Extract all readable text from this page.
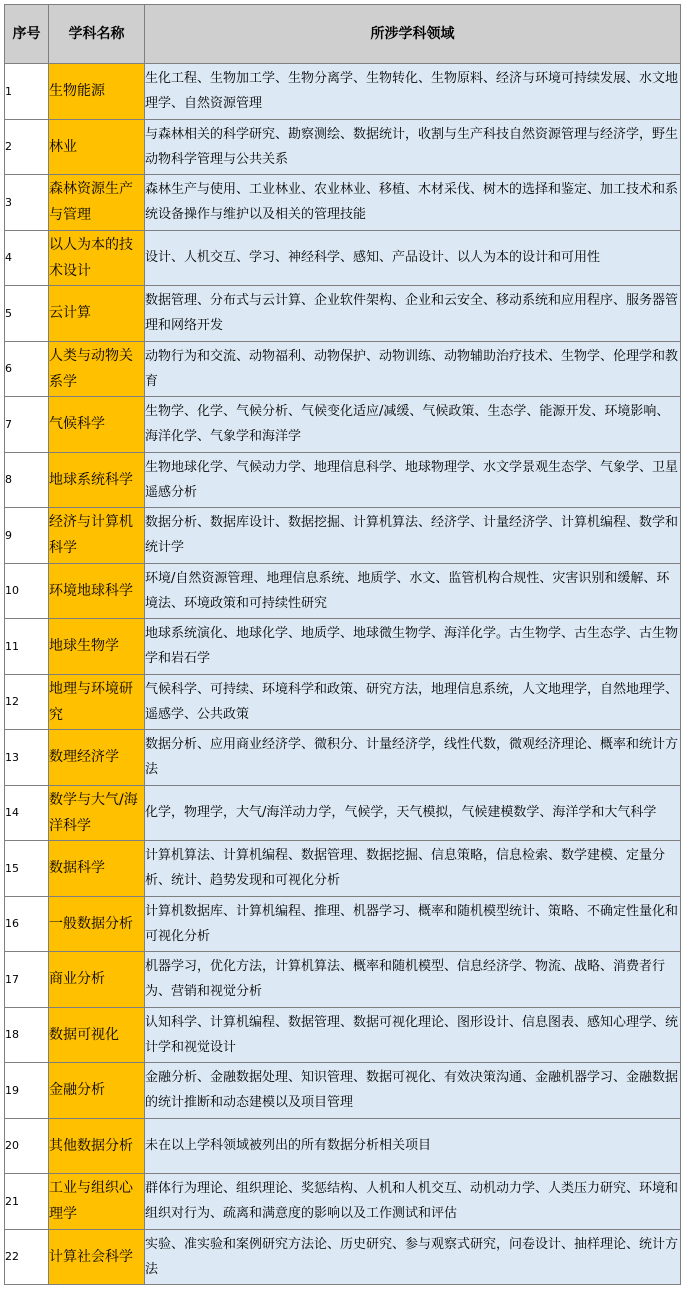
序号	学科名称	所涉学科领域
1	生物能源	生化工程、生物加工学、生物分离学、生物转化、生物原料、经济与环境可持续发展、水文地理学、自然资源管理
2	林业	与森林相关的科学研究、勘察测绘、数据统计，收割与生产科技自然资源管理与经济学，野生动物科学管理与公共关系
3	森林资源生产与管理	森林生产与使用、工业林业、农业林业、移植、木材采伐、树木的选择和鉴定、加工技术和系统设备操作与维护以及相关的管理技能
4	以人为本的技术设计	设计、人机交互、学习、神经科学、感知、产品设计、以人为本的设计和可用性
5	云计算	数据管理、分布式与云计算、企业软件架构、企业和云安全、移动系统和应用程序、服务器管理和网络开发
6	人类与动物关系学	动物行为和交流、动物福利、动物保护、动物训练、动物辅助治疗技术、生物学、伦理学和教育
7	气候科学	生物学、化学、气候分析、气候变化适应/减缓、气候政策、生态学、能源开发、环境影响、海洋化学、气象学和海洋学
8	地球系统科学	生物地球化学、气候动力学、地理信息科学、地球物理学、水文学景观生态学、气象学、卫星遥感分析
9	经济与计算机科学	数据分析、数据库设计、数据挖掘、计算机算法、经济学、计量经济学、计算机编程、数学和统计学
10	环境地球科学	环境/自然资源管理、地理信息系统、地质学、水文、监管机构合规性、灾害识别和缓解、环境法、环境政策和可持续性研究
11	地球生物学	地球系统演化、地球化学、地质学、地球微生物学、海洋化学。古生物学、古生态学、古生物学和岩石学
12	地理与环境研究	气候科学、可持续、环境科学和政策、研究方法，地理信息系统，人文地理学，自然地理学、遥感学、公共政策
13	数理经济学	数据分析、应用商业经济学、微积分、计量经济学，线性代数，微观经济理论、概率和统计方法
14	数学与大气/海洋科学	化学，物理学，大气/海洋动力学，气候学，天气模拟，气候建模数学、海洋学和大气科学
15	数据科学	计算机算法、计算机编程、数据管理、数据挖掘、信息策略，信息检索、数学建模、定量分析、统计、趋势发现和可视化分析
16	一般数据分析	计算机数据库、计算机编程、推理、机器学习、概率和随机模型统计、策略、不确定性量化和可视化分析
17	商业分析	机器学习，优化方法，计算机算法、概率和随机模型、信息经济学、物流、战略、消费者行为、营销和视觉分析
18	数据可视化	认知科学、计算机编程、数据管理、数据可视化理论、图形设计、信息图表、感知心理学、统计学和视觉设计
19	金融分析	金融分析、金融数据处理、知识管理、数据可视化、有效决策沟通、金融机器学习、金融数据的统计推断和动态建模以及项目管理
20	其他数据分析	未在以上学科领域被列出的所有数据分析相关项目
21	工业与组织心理学	群体行为理论、组织理论、奖惩结构、人机和人机交互、动机动力学、人类压力研究、环境和组织对行为、疏离和满意度的影响以及工作测试和评估
22	计算社会科学	实验、准实验和案例研究方法论、历史研究、参与观察式研究，问卷设计、抽样理论、统计方法
